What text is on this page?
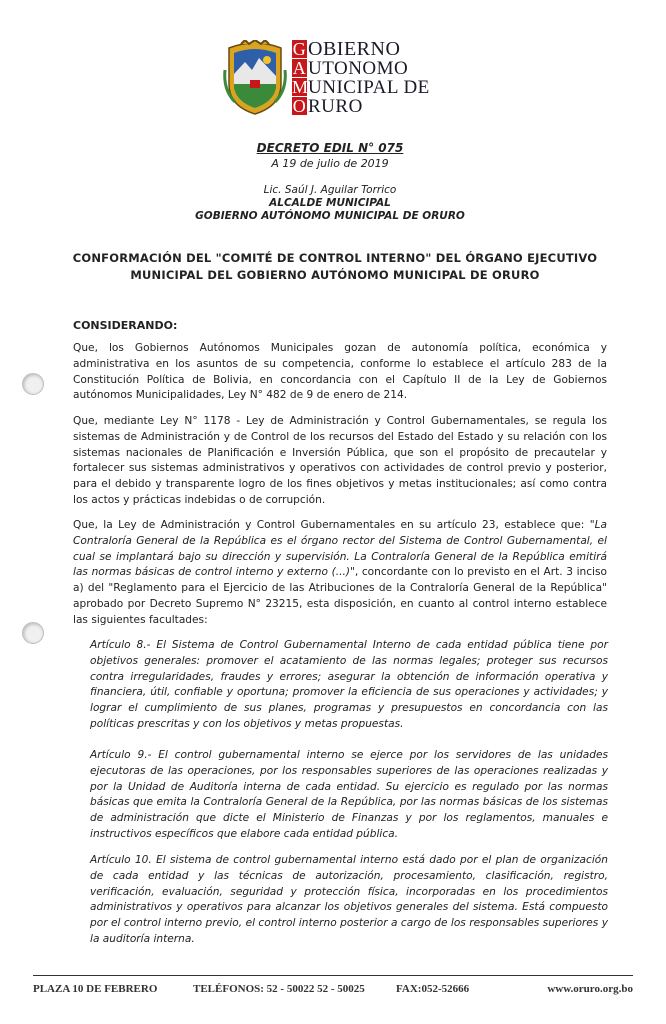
GOBIERNO
AUTONOMO
MUNICIPAL DE
ORURO
DECRETO EDIL N° 075
A 19 de julio de 2019
Lic. Saúl J. Aguilar Torrico
ALCALDE MUNICIPAL
GOBIERNO AUTÓNOMO MUNICIPAL DE ORURO
CONFORMACIÓN DEL "COMITÉ DE CONTROL INTERNO" DEL ÓRGANO EJECUTIVO
MUNICIPAL DEL GOBIERNO AUTÓNOMO MUNICIPAL DE ORURO
CONSIDERANDO:
Que, los Gobiernos Autónomos Municipales gozan de autonomía política, económica y administrativa en los asuntos de su competencia, conforme lo establece el artículo 283 de la Constitución Política de Bolivia, en concordancia con el Capítulo II de la Ley de Gobiernos autónomos Municipalidades, Ley N° 482 de 9 de enero de 214.
Que, mediante Ley N° 1178 - Ley de Administración y Control Gubernamentales, se regula los sistemas de Administración y de Control de los recursos del Estado del Estado y su relación con los sistemas nacionales de Planificación e Inversión Pública, que son el propósito de precautelar y fortalecer sus sistemas administrativos y operativos con actividades de control previo y posterior, para el debido y transparente logro de los fines objetivos y metas institucionales; así como contra los actos y prácticas indebidas o de corrupción.
Que, la Ley de Administración y Control Gubernamentales en su artículo 23, establece que: "La Contraloría General de la República es el órgano rector del Sistema de Control Gubernamental, el cual se implantará bajo su dirección y supervisión. La Contraloría General de la República emitirá las normas básicas de control interno y externo (...)", concordante con lo previsto en el Art. 3 inciso a) del "Reglamento para el Ejercicio de las Atribuciones de la Contraloría General de la República" aprobado por Decreto Supremo N° 23215, esta disposición, en cuanto al control interno establece las siguientes facultades:
Artículo 8.- El Sistema de Control Gubernamental Interno de cada entidad pública tiene por objetivos generales: promover el acatamiento de las normas legales; proteger sus recursos contra irregularidades, fraudes y errores; asegurar la obtención de información operativa y financiera, útil, confiable y oportuna; promover la eficiencia de sus operaciones y actividades; y lograr el cumplimiento de sus planes, programas y presupuestos en concordancia con las políticas prescritas y con los objetivos y metas propuestas.
Artículo 9.- El control gubernamental interno se ejerce por los servidores de las unidades ejecutoras de las operaciones, por los responsables superiores de las operaciones realizadas y por la Unidad de Auditoría interna de cada entidad. Su ejercicio es regulado por las normas básicas que emita la Contraloría General de la República, por las normas básicas de los sistemas de administración que dicte el Ministerio de Finanzas y por los reglamentos, manuales e instructivos específicos que elabore cada entidad pública.
Artículo 10. El sistema de control gubernamental interno está dado por el plan de organización de cada entidad y las técnicas de autorización, procesamiento, clasificación, registro, verificación, evaluación, seguridad y protección física, incorporadas en los procedimientos administrativos y operativos para alcanzar los objetivos generales del sistema. Está compuesto por el control interno previo, el control interno posterior a cargo de los responsables superiores y la auditoría interna.
PLAZA 10 DE FEBRERO	TELÉFONOS: 52 - 50022 52 - 50025	FAX:052-52666	www.oruro.org.bo
